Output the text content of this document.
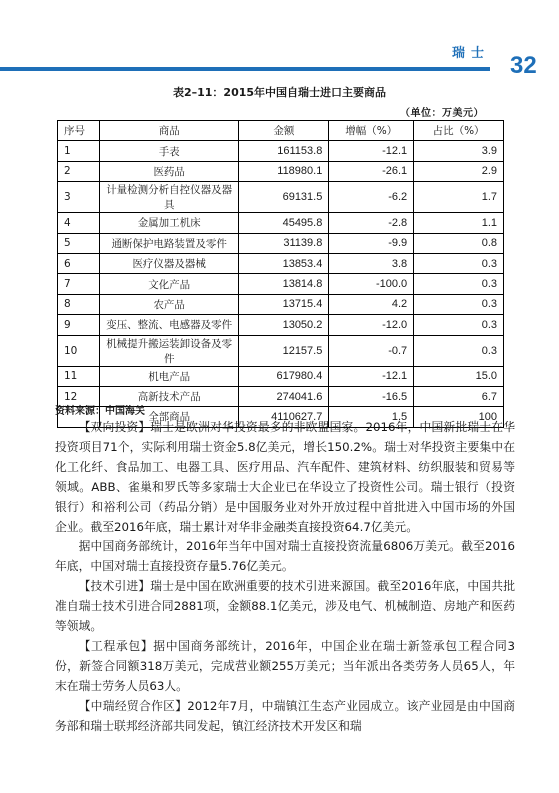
瑞士 32
表2–11：2015年中国自瑞士进口主要商品
（单位：万美元）
序号	商品	金额	增幅（%）	占比（%）
1	手表	161153.8	-12.1	3.9
2	医药品	118980.1	-26.1	2.9
3	计量检测分析自控仪器及器具	69131.5	-6.2	1.7
4	金属加工机床	45495.8	-2.8	1.1
5	通断保护电路装置及零件	31139.8	-9.9	0.8
6	医疗仪器及器械	13853.4	3.8	0.3
7	文化产品	13814.8	-100.0	0.3
8	农产品	13715.4	4.2	0.3
9	变压、整流、电感器及零件	13050.2	-12.0	0.3
10	机械提升搬运装卸设备及零件	12157.5	-0.7	0.3
11	机电产品	617980.4	-12.1	15.0
12	高新技术产品	274041.6	-16.5	6.7
	全部商品	4110627.7	1.5	100
资料来源：中国海关

【双向投资】瑞士是欧洲对华投资最多的非欧盟国家。2016年，中国新批瑞士在华投资项目71个，实际利用瑞士资金5.8亿美元，增长150.2%。瑞士对华投资主要集中在化工化纤、食品加工、电器工具、医疗用品、汽车配件、建筑材料、纺织服装和贸易等领域。ABB、雀巢和罗氏等多家瑞士大企业已在华设立了投资性公司。瑞士银行（投资银行）和裕利公司（药品分销）是中国服务业对外开放过程中首批进入中国市场的外国企业。截至2016年底，瑞士累计对华非金融类直接投资64.7亿美元。

据中国商务部统计，2016年当年中国对瑞士直接投资流量6806万美元。截至2016年底，中国对瑞士直接投资存量5.76亿美元。

【技术引进】瑞士是中国在欧洲重要的技术引进来源国。截至2016年底，中国共批准自瑞士技术引进合同2881项，金额88.1亿美元，涉及电气、机械制造、房地产和医药等领域。

【工程承包】据中国商务部统计，2016年，中国企业在瑞士新签承包工程合同3份，新签合同额318万美元，完成营业额255万美元；当年派出各类劳务人员65人，年末在瑞士劳务人员63人。

【中瑞经贸合作区】2012年7月，中瑞镇江生态产业园成立。该产业园是由中国商务部和瑞士联邦经济部共同发起，镇江经济技术开发区和瑞
